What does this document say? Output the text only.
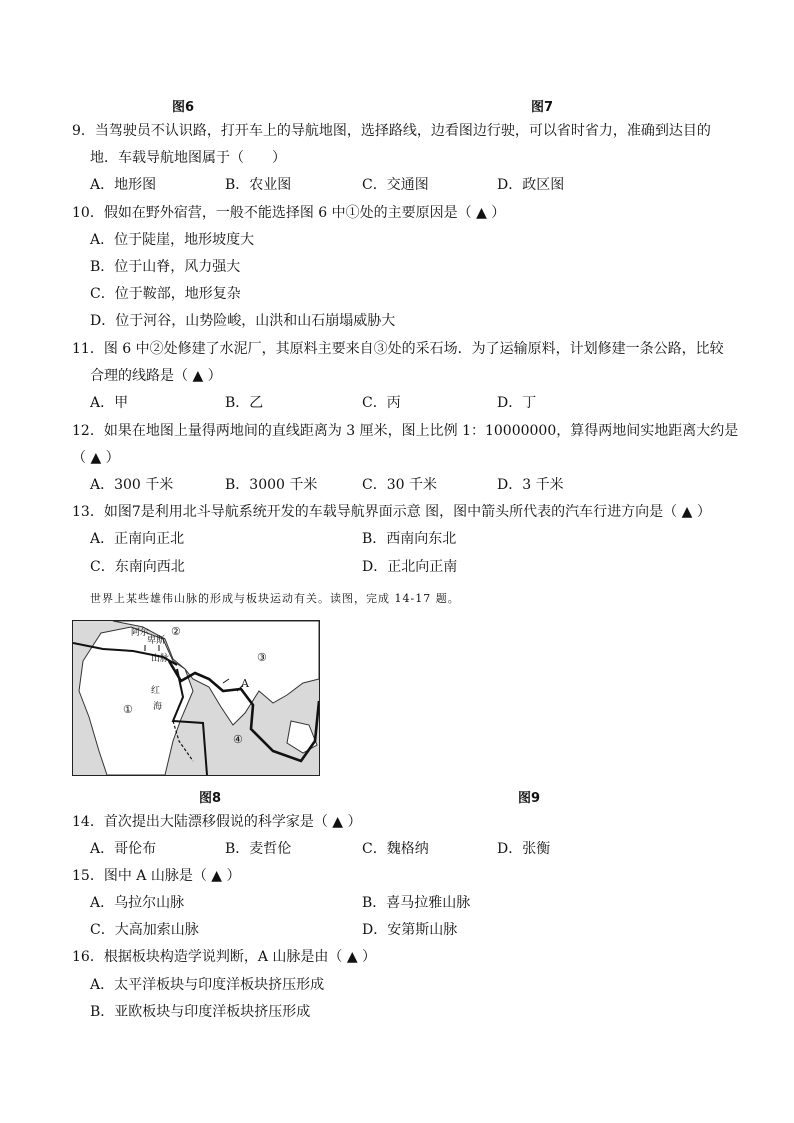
图6	图7
9．当驾驶员不认识路，打开车上的导航地图，选择路线，边看图边行驶，可以省时省力，准确到达目的
地．车载导航地图属于（　　）
A．地形图	B．农业图	C．交通图	D．政区图
10．假如在野外宿营，一般不能选择图 6 中①处的主要原因是（ ▲ ）
A．位于陡崖，地形坡度大
B．位于山脊，风力强大
C．位于鞍部，地形复杂
D．位于河谷，山势险峻，山洪和山石崩塌威胁大
11．图 6 中②处修建了水泥厂，其原料主要来自③处的采石场．为了运输原料，计划修建一条公路，比较
合理的线路是（ ▲ ）
A．甲	B．乙	C．丙	D．丁
12．如果在地图上量得两地间的直线距离为 3 厘米，图上比例 1：10000000，算得两地间实地距离大约是
（ ▲ ）
A．300 千米	B．3000 千米	C．30 千米	D．3 千米
13．如图7是利用北斗导航系统开发的车载导航界面示意 图，图中箭头所代表的汽车行进方向是（ ▲ ）
A．正南向正北	B．西南向东北
C．东南向西北	D．正北向正南
世界上某些雄伟山脉的形成与板块运动有关。读图，完成 14-17 题。
①
②
③
④
A
红
海
阿尔
卑斯
山脉
图8	图9
14．首次提出大陆漂移假说的科学家是（ ▲ ）
A．哥伦布	B．麦哲伦	C．魏格纳	D．张衡
15．图中 A 山脉是（ ▲ ）
A．乌拉尔山脉	B．喜马拉雅山脉
C．大高加索山脉	D．安第斯山脉
16．根据板块构造学说判断，A 山脉是由（ ▲ ）
A．太平洋板块与印度洋板块挤压形成
B．亚欧板块与印度洋板块挤压形成
